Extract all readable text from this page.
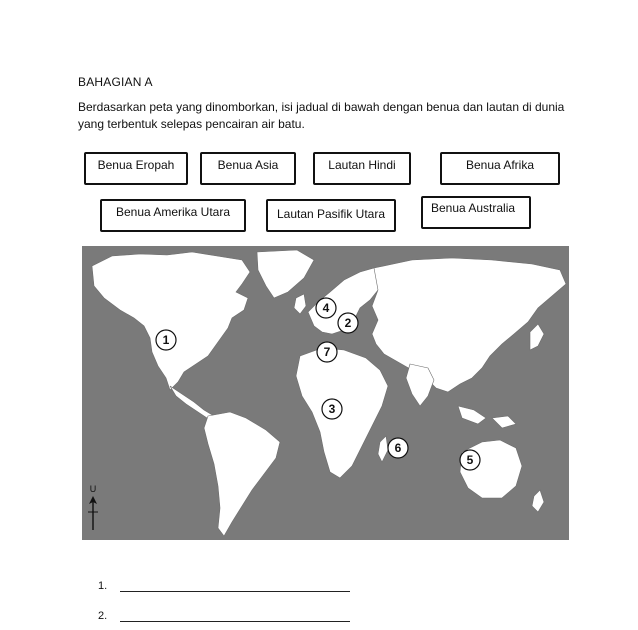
BAHAGIAN A
Berdasarkan peta yang dinomborkan, isi jadual di bawah dengan benua dan lautan di dunia yang terbentuk selepas pencairan air batu.
Benua Eropah	Benua Asia	Lautan Hindi	Benua Afrika
Benua Amerika Utara	Lautan Pasifik Utara	Benua Australia
1
4
2
7
3
6
5
U
1.
2.
